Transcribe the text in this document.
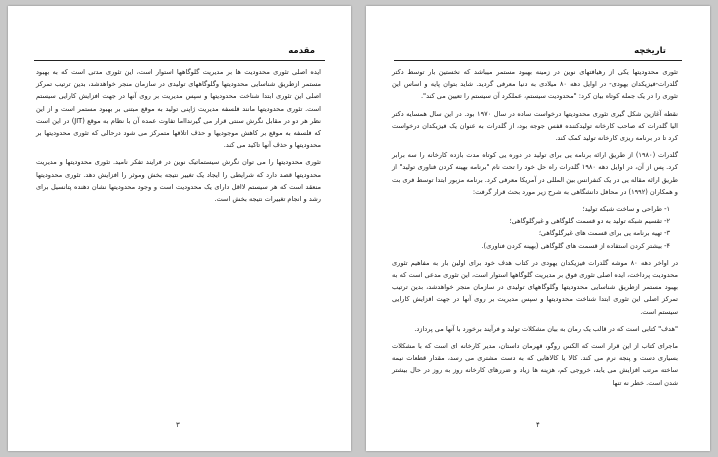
مقدمه

ایده اصلی تئوری محدودیت ها بر مدیریت گلوگاهها استوار است، این تئوری مدتی است که به بهبود مستمر ازطریق شناسایی محدودیتها وگلوگاههای تولیدی در سازمان منجر خواهدشد، بدین ترتیب تمرکز اصلی این تئوری ابتدا شناخت محدودیتها و سپس مدیریت بر روی آنها در جهت افزایش کارایی سیستم است. تئوری محدودیتها مانند فلسفه مدیریت ژاپنی تولید به موقع مبتنی بر بهبود مستمر است و از این نظر هر دو در مقابل نگرش سنتی قرار می گیرندااما تفاوت عمده آن با نظام به موقع (JIT) در این است که فلسفه به موقع بر کاهش موجودیها و حذف اتلافها متمرکز می شود درحالی که تئوری محدودیتها بر محدودیتها و حذف آنها تاکید می کند.

تئوری محدودیتها را می توان نگرش سیستماتیک نوین در فرایند تفکر نامید. تئوری محدودیتها و مدیریت محدودیتها قصد دارد که شرایطی را ایجاد یک تغییر نتیجه بخش وموثر را افزایش دهد. تئوری محدودیتها منعقد است که هر سیستم لااقل دارای یک محدودیت است و وجود محدودیتها نشان دهنده پتانسیل برای رشد و انجام تغییرات نتیجه بخش است.

۳
تاریخچه

تئوری محدودیتها یکی از رهیافتهای نوین در زمینه بهبود مستمر میباشد که نخستین بار توسط دکتر گلدرات-فیزیکدان یهودی- در اوایل دهه ۸۰ میلادی به دنیا معرفی گردید. شاید بتوان پایه و اساس این تئوری را در یک جمله کوتاه بیان کرد: "محدودیت سیستم، عملکرد آن سیستم را تعیین می کند".

نقطه آغازین شکل گیری تئوری محدودیتها درخواست ساده در سال ۱۹۷۰ بود. در این سال همسایه دکتر الیا گلدرات که صاحب کارخانه تولیدکننده قفس جوجه بود، از گلدرات به عنوان یک فیزیکدان درخواست کرد تا در برنامه ریزی کارخانه تولید کمک کند.

گلدرات (۱۹۸۰) از طریق ارائه برنامه یی برای تولید در دوره یی کوتاه مدت بازده کارخانه را سه برابر کرد. پس از آن، در اوایل دهه ۱۹۸۰ گلدرات راه حل خود را تحت نام "برنامه بهینه کردن فناوری تولید" از طریق ارائه مقاله یی در یک کنفرانس بین المللی در آمریکا معرفی کرد. برنامه مزبور ابتدا توسط فری بت و همکاران (۱۹۹۲) در محافل دانشگاهی به شرح زیر مورد بحث قرار گرفت:

۱- طراحی و ساخت شبکه تولید؛
۲- تقسیم شبکه تولید به دو قسمت گلوگاهی و غیرگلوگاهی؛
۳- تهیه برنامه یی برای قسمت های غیرگلوگاهی؛
۴- بیشتر کردن استفاده از قسمت های گلوگاهی (بهینه کردن فناوری).

در اواخر دهه ۸۰ موشه گلدرات فیزیکدان یهودی در کتاب هدف خود برای اولین بار به مفاهیم تئوری محدودیت پرداخت، ایده اصلی تئوری فوق بر مدیریت گلوگاهها استوار است، این تئوری مدعی است که به بهبود مستمر ازطریق شناسایی محدودیتها وگلوگاههای تولیدی در سازمان منجر خواهدشد، بدین ترتیب تمرکز اصلی این تئوری ابتدا شناخت محدودیتها و سپس مدیریت بر روی آنها در جهت افزایش کارایی سیستم است.

"هدف" کتابی است که در قالب یک رمان به بیان مشکلات تولید و فرآیند برخورد با آنها می پردازد.

ماجرای کتاب از این قرار است که الکس روگو، قهرمان داستان، مدیر کارخانه ای است که با مشکلات بسیاری دست و پنجه نرم می کند. کالا یا کالاهایی که به دست مشتری می رسد، مقدار قطعات نیمه ساخته مرتب افزایش می یابد، خروجی کم، هزینه ها زیاد و ضررهای کارخانه روز به روز در حال بیشتر شدن است. خطر نه تنها

۴
